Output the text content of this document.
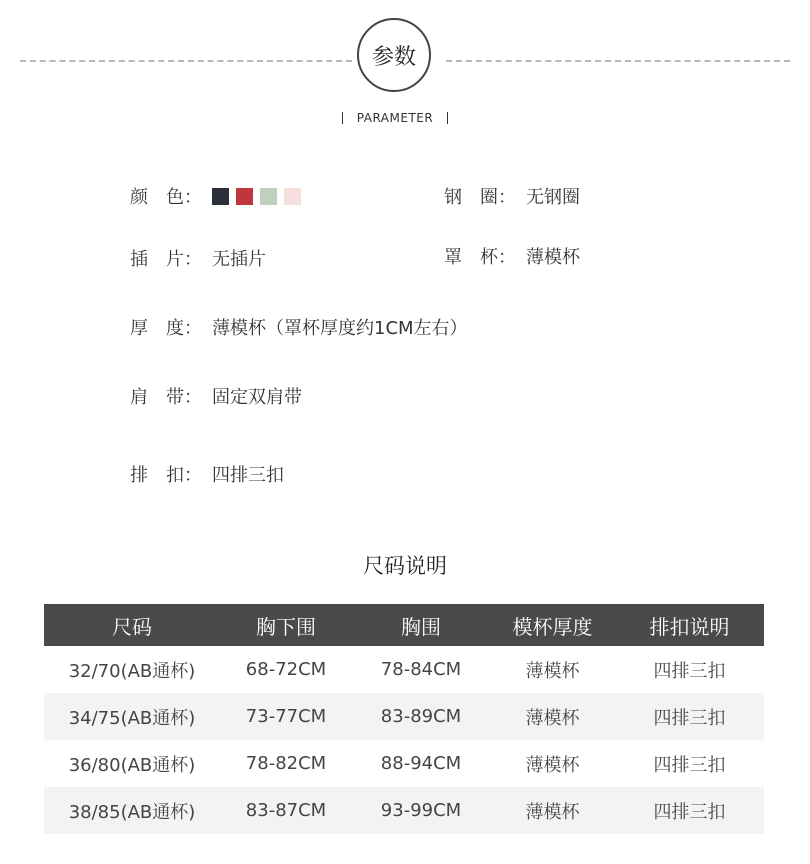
参数
PARAMETER
颜　色：	钢　圈： 无钢圈
插　片： 无插片	罩　杯： 薄模杯
厚　度： 薄模杯（罩杯厚度约1CM左右）
肩　带： 固定双肩带
排　扣： 四排三扣
尺码说明
尺码	胸下围	胸围	模杯厚度	排扣说明
32/70(AB通杯)	68-72CM	78-84CM	薄模杯	四排三扣
34/75(AB通杯)	73-77CM	83-89CM	薄模杯	四排三扣
36/80(AB通杯)	78-82CM	88-94CM	薄模杯	四排三扣
38/85(AB通杯)	83-87CM	93-99CM	薄模杯	四排三扣
